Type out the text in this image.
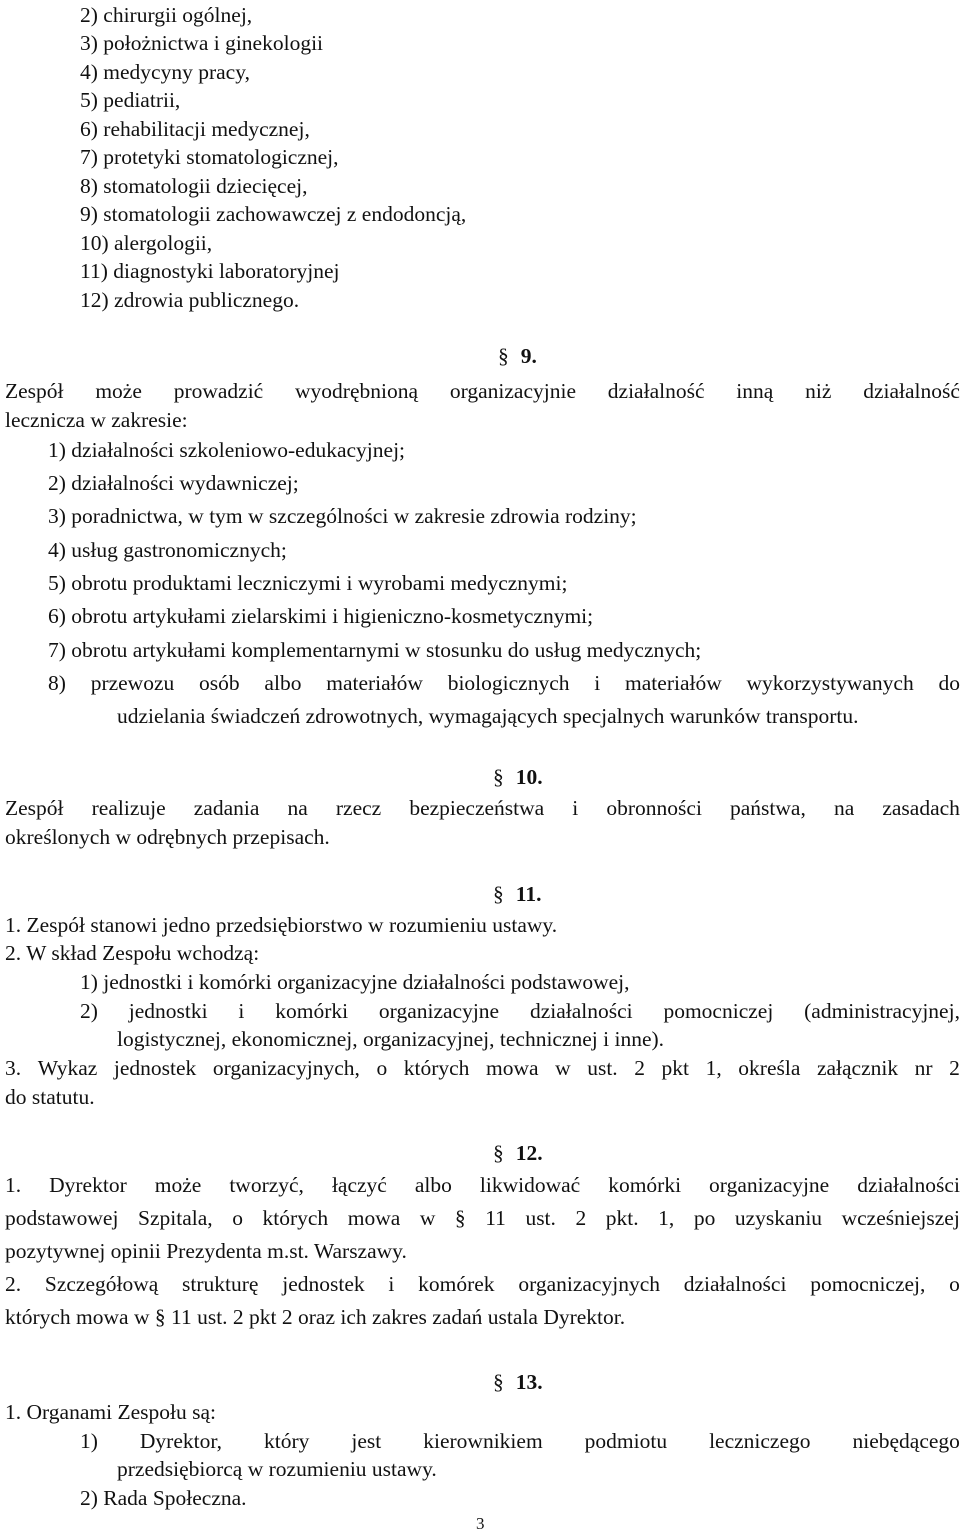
2) chirurgii ogólnej,
3) położnictwa i ginekologii
4) medycyny pracy,
5) pediatrii,
6) rehabilitacji medycznej,
7) protetyki stomatologicznej,
8) stomatologii dziecięcej,
9) stomatologii zachowawczej z endodoncją,
10) alergologii,
11) diagnostyki laboratoryjnej
12) zdrowia publicznego.
§ 9.
Zespół może prowadzić wyodrębnioną organizacyjnie działalność inną niż działalność
lecznicza w zakresie:
1) działalności szkoleniowo-edukacyjnej;
2) działalności wydawniczej;
3) poradnictwa, w tym w szczególności w zakresie zdrowia rodziny;
4) usług gastronomicznych;
5) obrotu produktami leczniczymi i wyrobami medycznymi;
6) obrotu artykułami zielarskimi i higieniczno-kosmetycznymi;
7) obrotu artykułami komplementarnymi w stosunku do usług medycznych;
8) przewozu osób albo materiałów biologicznych i materiałów wykorzystywanych do
udzielania świadczeń zdrowotnych, wymagających specjalnych warunków transportu.
§ 10.
Zespół realizuje zadania na rzecz bezpieczeństwa i obronności państwa, na zasadach
określonych w odrębnych przepisach.
§ 11.
1. Zespół stanowi jedno przedsiębiorstwo w rozumieniu ustawy.
2. W skład Zespołu wchodzą:
1) jednostki i komórki organizacyjne działalności podstawowej,
2) jednostki i komórki organizacyjne działalności pomocniczej (administracyjnej,
logistycznej, ekonomicznej, organizacyjnej, technicznej i inne).
3. Wykaz jednostek organizacyjnych, o których mowa w ust. 2 pkt 1, określa załącznik nr 2
do statutu.
§ 12.
1. Dyrektor może tworzyć, łączyć albo likwidować komórki organizacyjne działalności
podstawowej Szpitala, o których mowa w § 11 ust. 2 pkt. 1, po uzyskaniu wcześniejszej
pozytywnej opinii Prezydenta m.st. Warszawy.
2. Szczegółową strukturę jednostek i komórek organizacyjnych działalności pomocniczej, o
których mowa w § 11 ust. 2 pkt 2 oraz ich zakres zadań ustala Dyrektor.
§ 13.
1. Organami Zespołu są:
1) Dyrektor, który jest kierownikiem podmiotu leczniczego niebędącego
przedsiębiorcą w rozumieniu ustawy.
2) Rada Społeczna.
3
